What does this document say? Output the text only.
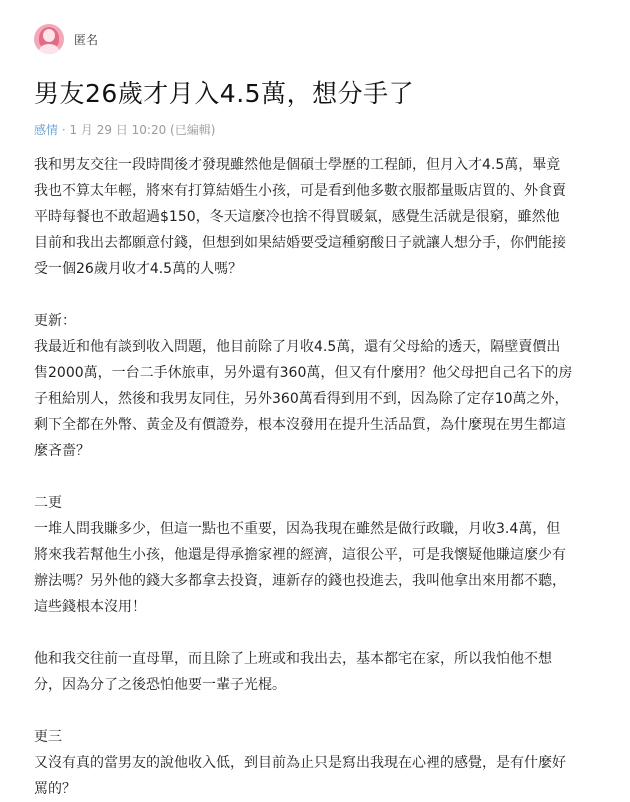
匿名
男友26歲才月入4.5萬，想分手了
感情 · 1 月 29 日 10:20 (已編輯)

我和男友交往一段時間後才發現雖然他是個碩士學歷的工程師，但月入才4.5萬，畢竟
我也不算太年輕，將來有打算結婚生小孩，可是看到他多數衣服都量販店買的、外食賣
平時每餐也不敢超過$150，冬天這麼冷也捨不得買暖氣，感覺生活就是很窮，雖然他
目前和我出去都願意付錢，但想到如果結婚要受這種窮酸日子就讓人想分手，你們能接
受一個26歲月收才4.5萬的人嗎？

更新：
我最近和他有談到收入問題，他目前除了月收4.5萬，還有父母給的透天，隔壁賣價出
售2000萬，一台二手休旅車，另外還有360萬，但又有什麼用？他父母把自己名下的房
子租給別人，然後和我男友同住，另外360萬看得到用不到，因為除了定存10萬之外，
剩下全都在外幣、黃金及有價證券，根本沒發用在提升生活品質，為什麼現在男生都這
麼吝嗇？

二更
一堆人問我賺多少，但這一點也不重要，因為我現在雖然是做行政職，月收3.4萬，但
將來我若幫他生小孩，他還是得承擔家裡的經濟，這很公平，可是我懷疑他賺這麼少有
辦法嗎？另外他的錢大多都拿去投資，連新存的錢也投進去，我叫他拿出來用都不聽，
這些錢根本沒用！

他和我交往前一直母單，而且除了上班或和我出去，基本都宅在家，所以我怕他不想
分，因為分了之後恐怕他要一輩子光棍。

更三
又沒有真的當男友的說他收入低，到目前為止只是寫出我現在心裡的感覺，是有什麼好
罵的？
